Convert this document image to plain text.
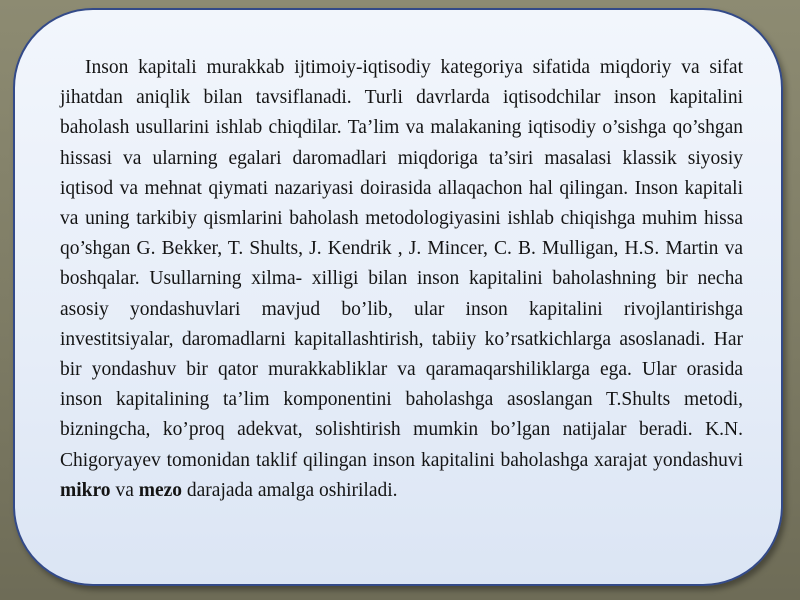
Inson kapitali murakkab ijtimoiy-iqtisodiy kategoriya sifatida miqdoriy va sifat jihatdan aniqlik bilan tavsiflanadi. Turli davrlarda iqtisodchilar inson kapitalini baholash usullarini ishlab chiqdilar. Ta’lim va malakaning iqtisodiy o’sishga qo’shgan hissasi va ularning egalari daromadlari miqdoriga ta’siri masalasi klassik siyosiy iqtisod va mehnat qiymati nazariyasi doirasida allaqachon hal qilingan. Inson kapitali va uning tarkibiy qismlarini baholash metodologiyasini ishlab chiqishga muhim hissa qo’shgan G. Bekker, T. Shults, J. Kendrik , J. Mincer, C. B. Mulligan, H.S. Martin va boshqalar. Usullarning xilma- xilligi bilan inson kapitalini baholashning bir necha asosiy yondashuvlari mavjud bo’lib, ular inson kapitalini rivojlantirishga investitsiyalar, daromadlarni kapitallashtirish, tabiiy ko’rsatkichlarga asoslanadi. Har bir yondashuv bir qator murakkabliklar va qaramaqarshiliklarga ega. Ular orasida inson kapitalining ta’lim komponentini baholashga asoslangan T.Shults metodi, bizningcha, ko’proq adekvat, solishtirish mumkin bo’lgan natijalar beradi. K.N. Chigoryayev tomonidan taklif qilingan inson kapitalini baholashga xarajat yondashuvi mikro va mezo darajada amalga oshiriladi.
